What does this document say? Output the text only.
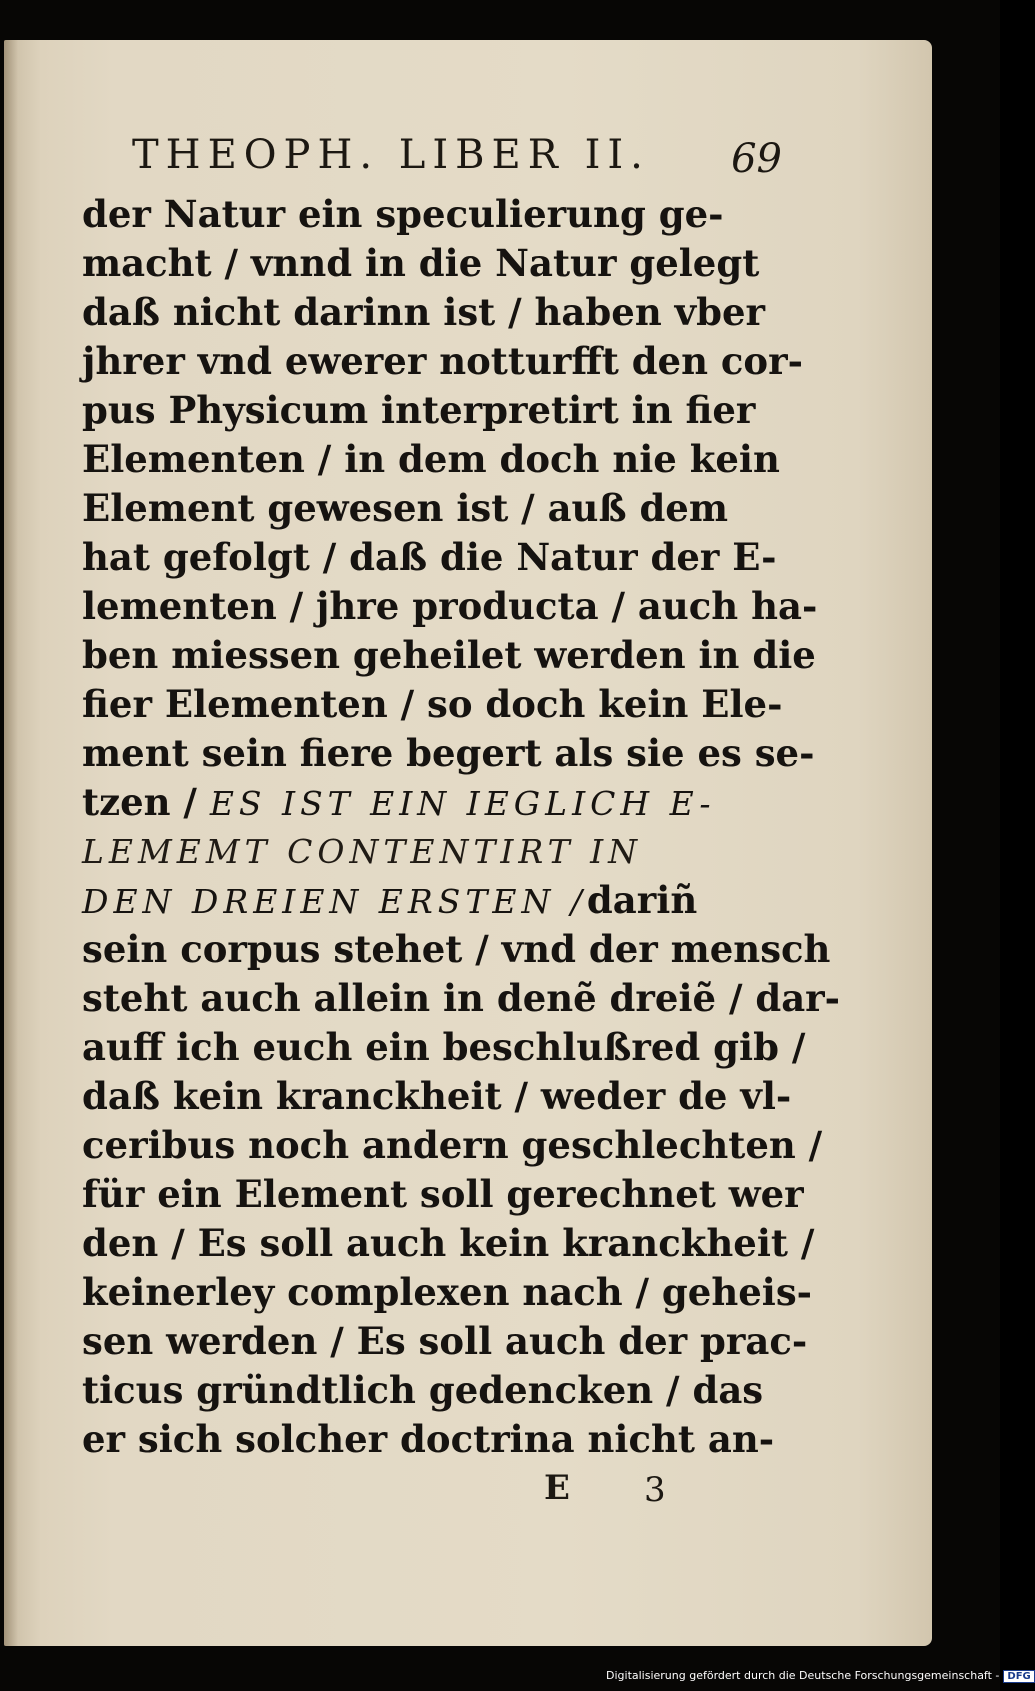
THEOPH. LIBER II. 69
der Natur ein speculierung ge-
macht / vnnd in die Natur gelegt
daß nicht darinn ist / haben vber
jhrer vnd ewerer notturfft den cor-
pus Physicum interpretirt in fier
Elementen / in dem doch nie kein
Element gewesen ist / auß dem
hat gefolgt / daß die Natur der E-
lementen / jhre producta / auch ha-
ben miessen geheilet werden in die
fier Elementen / so doch kein Ele-
ment sein fiere begert als sie es se-
tzen / ES IST EIN IEGLICH E-
LEMEMT CONTENTIRT IN
DEN DREIEN ERSTEN /dariñ
sein corpus stehet / vnd der mensch
steht auch allein in denẽ dreiẽ / dar-
auff ich euch ein beschlußred gib /
daß kein kranckheit / weder de vl-
ceribus noch andern geschlechten /
für ein Element soll gerechnet wer
den / Es soll auch kein kranckheit /
keinerley complexen nach / geheis-
sen werden / Es soll auch der prac-
ticus gründtlich gedencken / das
er sich solcher doctrina nicht an-
E 3
Digitalisierung gefördert durch die Deutsche Forschungsgemeinschaft - DFG
